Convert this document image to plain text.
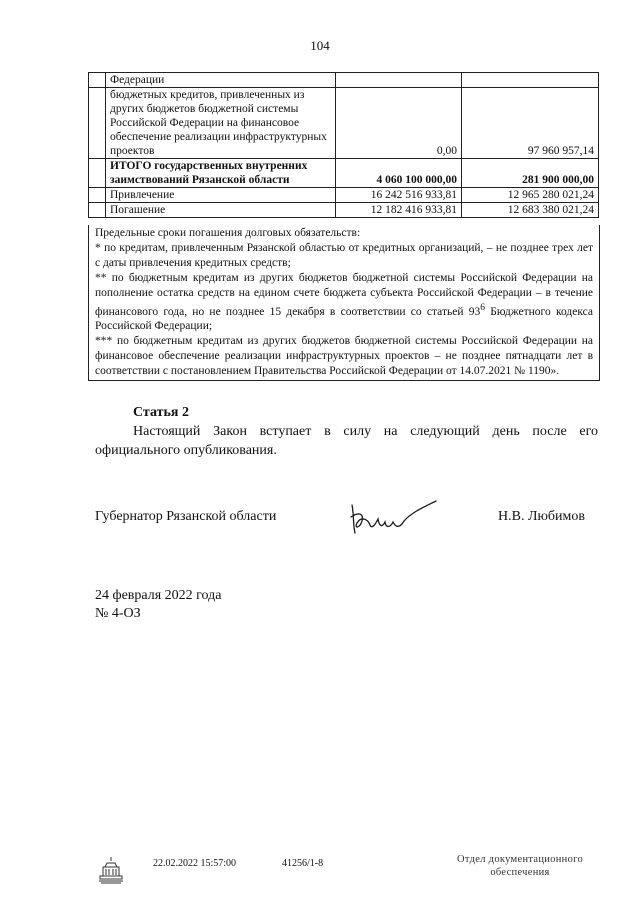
104
	Федерации		
	бюджетных кредитов, привлеченных из других бюджетов бюджетной системы Российской Федерации на финансовое обеспечение реализации инфраструктурных проектов	0,00	97 960 957,14
	ИТОГО государственных внутренних заимствований Рязанской области	4 060 100 000,00	281 900 000,00
	Привлечение	16 242 516 933,81	12 965 280 021,24
	Погашение	12 182 416 933,81	12 683 380 021,24

Предельные сроки погашения долговых обязательств:

* по кредитам, привлеченным Рязанской областью от кредитных организаций, – не позднее трех лет с даты привлечения кредитных средств;

** по бюджетным кредитам из других бюджетов бюджетной системы Российской Федерации на пополнение остатка средств на едином счете бюджета субъекта Российской Федерации – в течение финансового года, но не позднее 15 декабря в соответствии со статьей $93^6$ Бюджетного кодекса Российской Федерации;

*** по бюджетным кредитам из других бюджетов бюджетной системы Российской Федерации на финансовое обеспечение реализации инфраструктурных проектов – не позднее пятнадцати лет в соответствии с постановлением Правительства Российской Федерации от 14.07.2021 № 1190».

Статья 2
Настоящий Закон вступает в силу на следующий день после его официального опубликования.
Губернатор Рязанской области	Н.В. Любимов
24 февраля 2022 года
№ 4-ОЗ
22.02.2022 15:57:00	41256/1-8	Отдел документационного
обеспечения
